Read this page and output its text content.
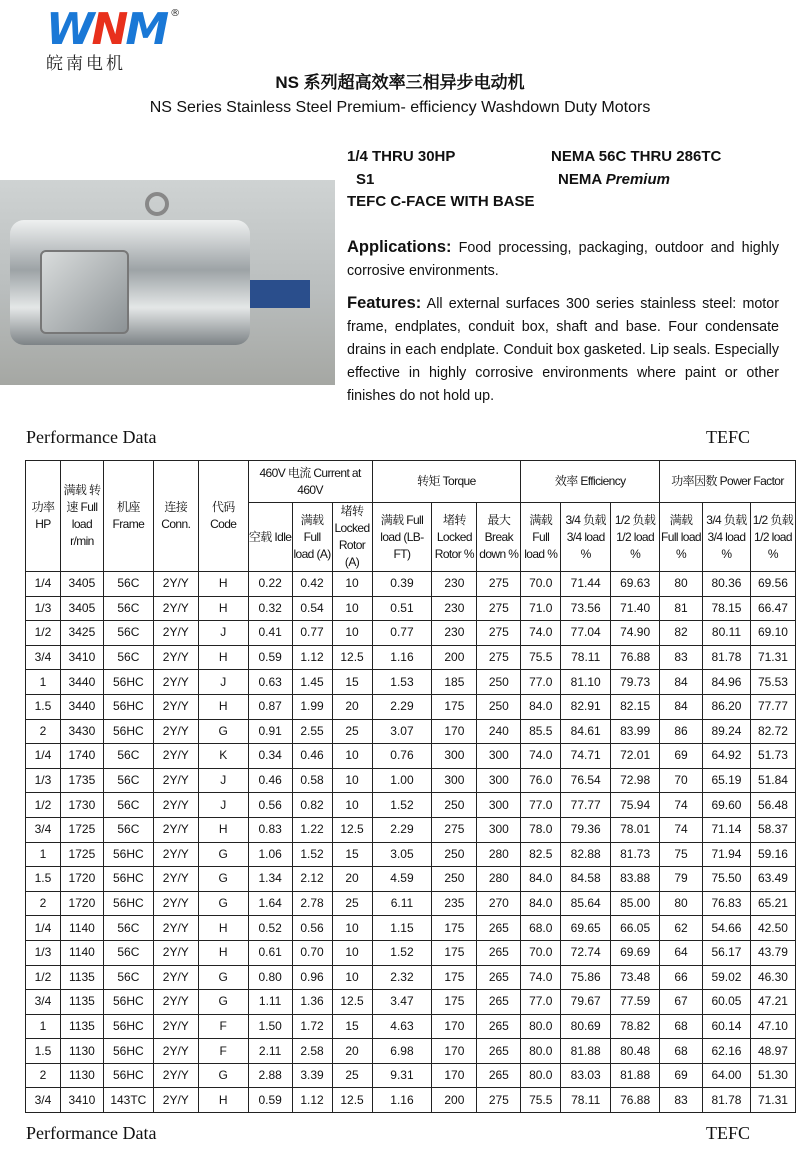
WNM ®
皖南电机
NS 系列超高效率三相异步电动机
NS Series Stainless Steel Premium- efficiency Washdown Duty Motors
1/4 THRU 30HP	NEMA 56C THRU 286TC
S1	NEMA Premium
TEFC C-FACE WITH BASE
Applications: Food processing, packaging, outdoor and highly corrosive environments.
Features: All external surfaces 300 series stainless steel: motor frame, endplates, conduit box, shaft and base. Four condensate drains in each endplate. Conduit box gasketed. Lip seals. Especially effective in highly corrosive environments where paint or other finishes do not hold up.
Performance Data	TEFC
功率 HP	满载 转速 Full load r/min	机座 Frame	连接 Conn.	代码 Code	460V 电流 Current at 460V			转矩 Torque			效率 Efficiency			功率因数 Power Factor		
					空载 Idle	满载 Full load (A)	堵转 Locked Rotor (A)	满载 Full load (LB-FT)	堵转 Locked Rotor %	最大 Break down %	满载 Full load %	3/4 负载 3/4 load %	1/2 负载 1/2 load %	满载 Full load %	3/4 负载 3/4 load %	1/2 负载 1/2 load %
1/4	3405	56C	2Y/Y	H	0.22	0.42	10	0.39	230	275	70.0	71.44	69.63	80	80.36	69.56
1/3	3405	56C	2Y/Y	H	0.32	0.54	10	0.51	230	275	71.0	73.56	71.40	81	78.15	66.47
1/2	3425	56C	2Y/Y	J	0.41	0.77	10	0.77	230	275	74.0	77.04	74.90	82	80.11	69.10
3/4	3410	56C	2Y/Y	H	0.59	1.12	12.5	1.16	200	275	75.5	78.11	76.88	83	81.78	71.31
1	3440	56HC	2Y/Y	J	0.63	1.45	15	1.53	185	250	77.0	81.10	79.73	84	84.96	75.53
1.5	3440	56HC	2Y/Y	H	0.87	1.99	20	2.29	175	250	84.0	82.91	82.15	84	86.20	77.77
2	3430	56HC	2Y/Y	G	0.91	2.55	25	3.07	170	240	85.5	84.61	83.99	86	89.24	82.72
1/4	1740	56C	2Y/Y	K	0.34	0.46	10	0.76	300	300	74.0	74.71	72.01	69	64.92	51.73
1/3	1735	56C	2Y/Y	J	0.46	0.58	10	1.00	300	300	76.0	76.54	72.98	70	65.19	51.84
1/2	1730	56C	2Y/Y	J	0.56	0.82	10	1.52	250	300	77.0	77.77	75.94	74	69.60	56.48
3/4	1725	56C	2Y/Y	H	0.83	1.22	12.5	2.29	275	300	78.0	79.36	78.01	74	71.14	58.37
1	1725	56HC	2Y/Y	G	1.06	1.52	15	3.05	250	280	82.5	82.88	81.73	75	71.94	59.16
1.5	1720	56HC	2Y/Y	G	1.34	2.12	20	4.59	250	280	84.0	84.58	83.88	79	75.50	63.49
2	1720	56HC	2Y/Y	G	1.64	2.78	25	6.11	235	270	84.0	85.64	85.00	80	76.83	65.21
1/4	1140	56C	2Y/Y	H	0.52	0.56	10	1.15	175	265	68.0	69.65	66.05	62	54.66	42.50
1/3	1140	56C	2Y/Y	H	0.61	0.70	10	1.52	175	265	70.0	72.74	69.69	64	56.17	43.79
1/2	1135	56C	2Y/Y	G	0.80	0.96	10	2.32	175	265	74.0	75.86	73.48	66	59.02	46.30
3/4	1135	56HC	2Y/Y	G	1.11	1.36	12.5	3.47	175	265	77.0	79.67	77.59	67	60.05	47.21
1	1135	56HC	2Y/Y	F	1.50	1.72	15	4.63	170	265	80.0	80.69	78.82	68	60.14	47.10
1.5	1130	56HC	2Y/Y	F	2.11	2.58	20	6.98	170	265	80.0	81.88	80.48	68	62.16	48.97
2	1130	56HC	2Y/Y	G	2.88	3.39	25	9.31	170	265	80.0	83.03	81.88	69	64.00	51.30
3/4	3410	143TC	2Y/Y	H	0.59	1.12	12.5	1.16	200	275	75.5	78.11	76.88	83	81.78	71.31
Performance Data	TEFC
